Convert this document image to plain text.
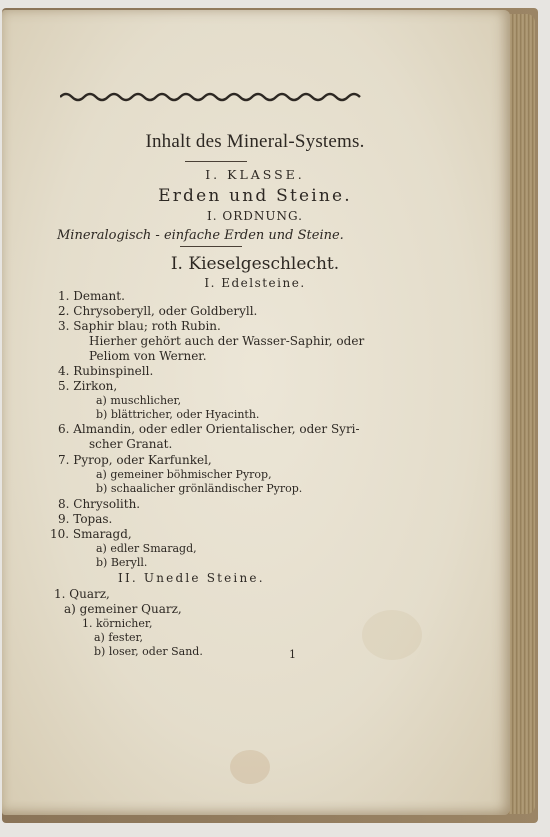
Inhalt des Mineral-Systems.
I. KLASSE.
Erden und Steine.
I. ORDNUNG.
Mineralogisch - einfache Erden und Steine.
I. Kieselgeschlecht.
I. Edelsteine.
1. Demant.
2. Chrysoberyll, oder Goldberyll.
3. Saphir blau; roth Rubin.
Hierher gehört auch der Wasser-Saphir, oder
Peliom von Werner.
4. Rubinspinell.
5. Zirkon,
a) muschlicher,
b) blättricher, oder Hyacinth.
6. Almandin, oder edler Orientalischer, oder Syri-
scher Granat.
7. Pyrop, oder Karfunkel,
a) gemeiner böhmischer Pyrop,
b) schaalicher grönländischer Pyrop.
8. Chrysolith.
9. Topas.
10. Smaragd,
a) edler Smaragd,
b) Beryll.
II. Unedle Steine.
1. Quarz,
a) gemeiner Quarz,
1. körnicher,
a) fester,
b) loser, oder Sand.	1
